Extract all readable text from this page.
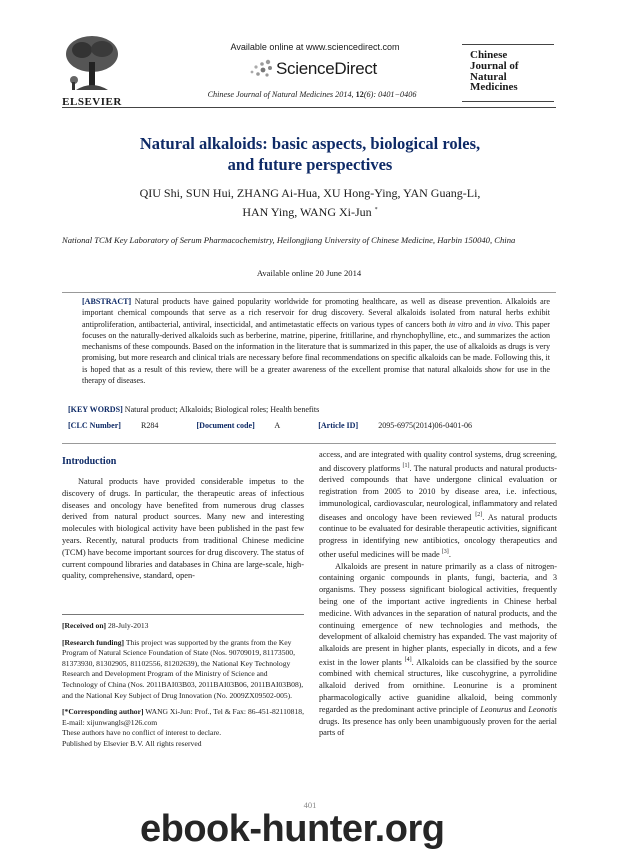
ELSEVIER
Available online at www.sciencedirect.com
ScienceDirect
Chinese Journal of Natural Medicines 2014, 12(6): 0401−0406
Chinese
Journal of
Natural
Medicines
Natural alkaloids: basic aspects, biological roles,
and future perspectives
QIU Shi, SUN Hui, ZHANG Ai-Hua, XU Hong-Ying, YAN Guang-Li,
HAN Ying, WANG Xi-Jun *
National TCM Key Laboratory of Serum Pharmacochemistry, Heilongjiang University of Chinese Medicine, Harbin 150040, China
Available online 20 June 2014
[ABSTRACT] Natural products have gained popularity worldwide for promoting healthcare, as well as disease prevention. Alkaloids are important chemical compounds that serve as a rich reservoir for drug discovery. Several alkaloids isolated from natural herbs exhibit antiproliferation, antibacterial, antiviral, insecticidal, and antimetastatic effects on various types of cancers both in vitro and in vivo. This paper focuses on the naturally-derived alkaloids such as berberine, matrine, piperine, fritillarine, and rhynchophylline, etc., and summarizes the action mechanisms of these compounds. Based on the information in the literature that is summarized in this paper, the use of alkaloids as drugs is very promising, but more research and clinical trials are necessary before final recommendations on specific alkaloids can be made. Following this, it is hoped that as a result of this review, there will be a greater awareness of the excellent promise that natural alkaloids show for use in the therapy of diseases.
[KEY WORDS] Natural product; Alkaloids; Biological roles; Health benefits
[CLC Number] R284	[Document code] A	[Article ID] 2095-6975(2014)06-0401-06
Introduction

Natural products have provided considerable impetus to the discovery of drugs. In particular, the therapeutic areas of infectious diseases and oncology have benefited from numerous drug classes derived from natural product sources. Many new and interesting molecules with biological activity have been published in the past few years. Recently, natural products from traditional Chinese medicine (TCM) have become important sources for drug discovery. The status of current compound libraries and databases in China are large-scale, high-quality, comprehensive, standard, open-

[Received on] 28-July-2013
[Research funding] This project was supported by the grants from the Key Program of Natural Science Foundation of State (Nos. 90709019, 81173500, 81373930, 81302905, 81102556, 81202639), the National Key Technology Research and Development Program of the Ministry of Science and Technology of China (Nos. 2011BAI03B03, 2011BAI03B06, 2011BAI03B08), and the National Key Subject of Drug Innovation (No. 2009ZX09502-005).
[*Corresponding author] WANG Xi-Jun: Prof., Tel & Fax: 86-451-82110818, E-mail: xijunwangls@126.com
These authors have no conflict of interest to declare.
Published by Elsevier B.V. All rights reserved

access, and are integrated with quality control systems, drug screening, and discovery platforms [1]. The natural products and natural products-derived compounds that have undergone clinical evaluation or registration from 2005 to 2010 by disease area, i.e. infectious, immunological, cardiovascular, neurological, inflammatory and related diseases and oncology have been reviewed [2]. As natural products continue to be evaluated for desirable therapeutic activities, significant progress in identifying new antibiotics, oncology therapeutics and other useful medicines will be made [3].

Alkaloids are present in nature primarily as a class of nitrogen-containing organic compounds in plants, fungi, bacteria, and 3 organisms. They possess significant biological activities, frequently being one of the important active ingredients in Chinese herbal medicine. With advances in the separation of natural products, and the continuing emergence of new technologies and methods, the development of alkaloid chemistry has expanded. The vast majority of alkaloids are present in higher plants, especially in dicots, and a few exist in the lower plants [4]. Alkaloids can be classified by the source combined with chemical structures, like cuscohygrine, a pyrrolidine alkaloid derived from ornithine. Leonurine is a prominent pharmacologically active guanidine alkaloid, being commonly regarded as the predominant active principle of Leonurus and Leonotis drugs. Its presence has only been unambiguously proven for the aerial parts of

401
ebook-hunter.org
